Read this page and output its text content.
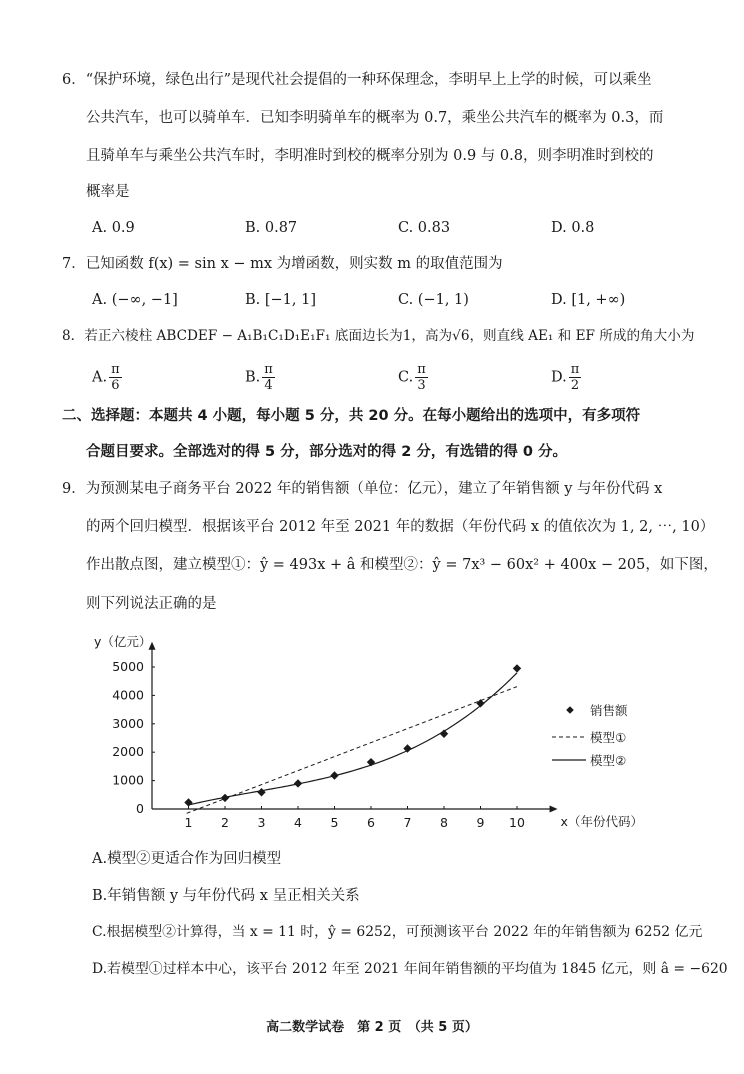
6．“保护环境，绿色出行”是现代社会提倡的一种环保理念，李明早上上学的时候，可以乘坐
公共汽车，也可以骑单车．已知李明骑单车的概率为 0.7，乘坐公共汽车的概率为 0.3，而
且骑单车与乘坐公共汽车时，李明准时到校的概率分别为 0.9 与 0.8，则李明准时到校的
概率是
A. 0.9	B. 0.87	C. 0.83	D. 0.8
7．已知函数 f(x) = sin x − mx 为增函数，则实数 m 的取值范围为
A. (−∞, −1]	B. [−1, 1]	C. (−1, 1)	D. [1, +∞)
8．若正六棱柱 ABCDEF − A₁B₁C₁D₁E₁F₁ 底面边长为1，高为√6，则直线 AE₁ 和 EF 所成的角大小为
A. $\frac{\pi}{6}$	B. $\frac{\pi}{4}$	C. $\frac{\pi}{3}$	D. $\frac{\pi}{2}$
二、选择题：本题共 4 小题，每小题 5 分，共 20 分。在每小题给出的选项中，有多项符
合题目要求。全部选对的得 5 分，部分选对的得 2 分，有选错的得 0 分。
9．为预测某电子商务平台 2022 年的销售额（单位：亿元），建立了年销售额 y 与年份代码 x
的两个回归模型．根据该平台 2012 年至 2021 年的数据（年份代码 x 的值依次为 1, 2, ⋯, 10）
作出散点图，建立模型①：ŷ = 493x + â 和模型②：ŷ = 7x³ − 60x² + 400x − 205，如下图，
则下列说法正确的是
y（亿元）
x（年份代码）
0
1 2 3 4 5 6 7 8 9 10
1000
2000
3000
4000
5000
销售额
模型①
模型②
A.模型②更适合作为回归模型
B.年销售额 y 与年份代码 x 呈正相关关系
C.根据模型②计算得，当 x = 11 时，ŷ = 6252，可预测该平台 2022 年的年销售额为 6252 亿元
D.若模型①过样本中心，该平台 2012 年至 2021 年间年销售额的平均值为 1845 亿元，则 â = −620
高二数学试卷　第 2 页　（共 5 页）
